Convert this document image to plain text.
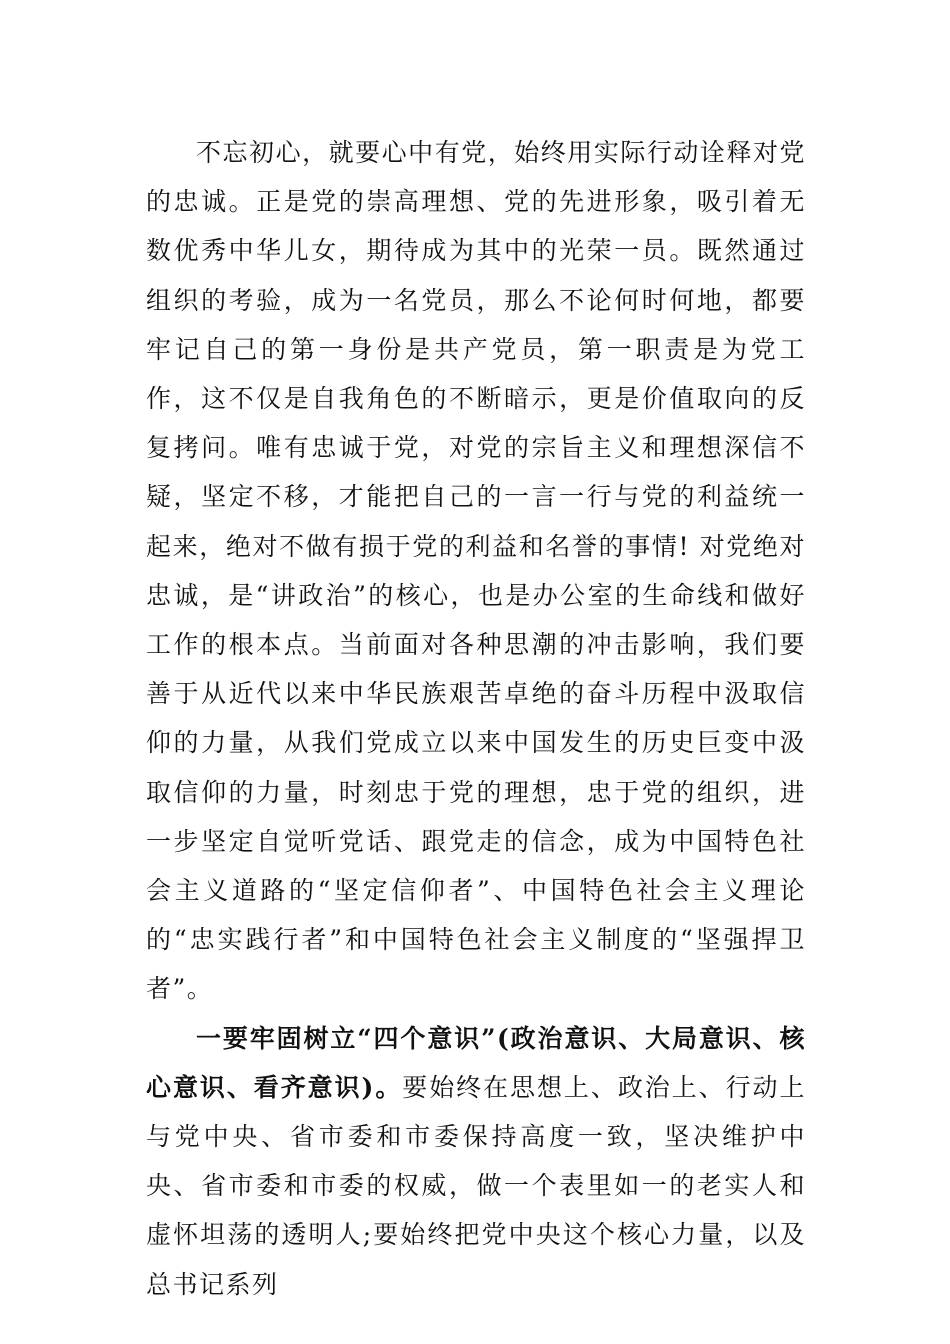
不忘初心，就要心中有党，始终用实际行动诠释对党的忠诚。正是党的崇高理想、党的先进形象，吸引着无数优秀中华儿女，期待成为其中的光荣一员。既然通过组织的考验，成为一名党员，那么不论何时何地，都要牢记自己的第一身份是共产党员，第一职责是为党工作，这不仅是自我角色的不断暗示，更是价值取向的反复拷问。唯有忠诚于党，对党的宗旨主义和理想深信不疑，坚定不移，才能把自己的一言一行与党的利益统一起来，绝对不做有损于党的利益和名誉的事情! 对党绝对忠诚，是“讲政治”的核心，也是办公室的生命线和做好工作的根本点。当前面对各种思潮的冲击影响，我们要善于从近代以来中华民族艰苦卓绝的奋斗历程中汲取信仰的力量，从我们党成立以来中国发生的历史巨变中汲取信仰的力量，时刻忠于党的理想，忠于党的组织，进一步坚定自觉听党话、跟党走的信念，成为中国特色社会主义道路的“坚定信仰者”、中国特色社会主义理论的“忠实践行者”和中国特色社会主义制度的“坚强捍卫者”。

一要牢固树立“四个意识”(政治意识、大局意识、核心意识、看齐意识)。要始终在思想上、政治上、行动上与党中央、省市委和市委保持高度一致，坚决维护中央、省市委和市委的权威，做一个表里如一的老实人和虚怀坦荡的透明人;要始终把党中央这个核心力量，以及总书记系列
